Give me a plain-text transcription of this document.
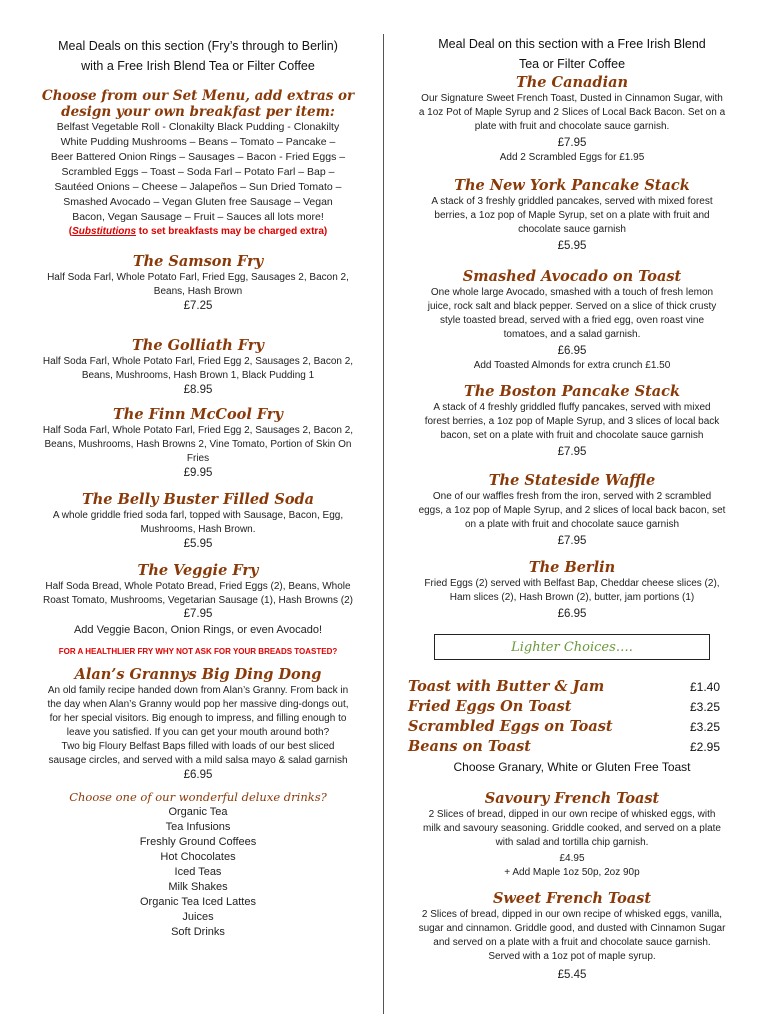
Meal Deals on this section (Fry’s through to Berlin)
with a Free Irish Blend Tea or Filter Coffee
Choose from our Set Menu, add extras or
design your own breakfast per item:
Belfast Vegetable Roll - Clonakilty Black Pudding - Clonakilty
White Pudding Mushrooms – Beans – Tomato – Pancake –
Beer Battered Onion Rings – Sausages – Bacon - Fried Eggs –
Scrambled Eggs – Toast – Soda Farl – Potato Farl – Bap –
Sautéed Onions – Cheese – Jalapeños – Sun Dried Tomato –
Smashed Avocado – Vegan Gluten free Sausage – Vegan
Bacon, Vegan Sausage – Fruit – Sauces all lots more!
(Substitutions to set breakfasts may be charged extra)
The Samson Fry
Half Soda Farl, Whole Potato Farl, Fried Egg, Sausages 2, Bacon 2,
Beans, Hash Brown
£7.25
The Golliath Fry
Half Soda Farl, Whole Potato Farl, Fried Egg 2, Sausages 2, Bacon 2,
Beans, Mushrooms, Hash Brown 1, Black Pudding 1
£8.95
The Finn McCool Fry
Half Soda Farl, Whole Potato Farl, Fried Egg 2, Sausages 2, Bacon 2,
Beans, Mushrooms, Hash Browns 2, Vine Tomato, Portion of Skin On
Fries
£9.95
The Belly Buster Filled Soda
A whole griddle fried soda farl, topped with Sausage, Bacon, Egg,
Mushrooms, Hash Brown.
£5.95
The Veggie Fry
Half Soda Bread, Whole Potato Bread, Fried Eggs (2), Beans, Whole
Roast Tomato, Mushrooms, Vegetarian Sausage (1), Hash Browns (2)
£7.95
Add Veggie Bacon, Onion Rings, or even Avocado!
FOR A HEALTHLIER FRY WHY NOT ASK FOR YOUR BREADS TOASTED?
Alan’s Grannys Big Ding Dong
An old family recipe handed down from Alan’s Granny. From back in
the day when Alan’s Granny would pop her massive ding-dongs out,
for her special visitors. Big enough to impress, and filling enough to
leave you satisfied. If you can get your mouth around both?
Two big Floury Belfast Baps filled with loads of our best sliced
sausage circles, and served with a mild salsa mayo & salad garnish
£6.95
Choose one of our wonderful deluxe drinks?
Organic Tea
Tea Infusions
Freshly Ground Coffees
Hot Chocolates
Iced Teas
Milk Shakes
Organic Tea Iced Lattes
Juices
Soft Drinks
Meal Deal on this section with a Free Irish Blend
Tea or Filter Coffee
The Canadian
Our Signature Sweet French Toast, Dusted in Cinnamon Sugar, with
a 1oz Pot of Maple Syrup and 2 Slices of Local Back Bacon. Set on a
plate with fruit and chocolate sauce garnish.
£7.95
Add 2 Scrambled Eggs for £1.95
The New York Pancake Stack
A stack of 3 freshly griddled pancakes, served with mixed forest
berries, a 1oz pop of Maple Syrup, set on a plate with fruit and
chocolate sauce garnish
£5.95
Smashed Avocado on Toast
One whole large Avocado, smashed with a touch of fresh lemon
juice, rock salt and black pepper. Served on a slice of thick crusty
style toasted bread, served with a fried egg, oven roast vine
tomatoes, and a salad garnish.
£6.95
Add Toasted Almonds for extra crunch £1.50
The Boston Pancake Stack
A stack of 4 freshly griddled fluffy pancakes, served with mixed
forest berries, a 1oz pop of Maple Syrup, and 3 slices of local back
bacon, set on a plate with fruit and chocolate sauce garnish
£7.95
The Stateside Waffle
One of our waffles fresh from the iron, served with 2 scrambled
eggs, a 1oz pop of Maple Syrup, and 2 slices of local back bacon, set
on a plate with fruit and chocolate sauce garnish
£7.95
The Berlin
Fried Eggs (2) served with Belfast Bap, Cheddar cheese slices (2),
Ham slices (2), Hash Brown (2), butter, jam portions (1)
£6.95
Lighter Choices….
Toast with Butter & Jam	£1.40
Fried Eggs On Toast	£3.25
Scrambled Eggs on Toast	£3.25
Beans on Toast	£2.95
Choose Granary, White or Gluten Free Toast
Savoury French Toast
2 Slices of bread, dipped in our own recipe of whisked eggs, with
milk and savoury seasoning. Griddle cooked, and served on a plate
with salad and tortilla chip garnish.
£4.95
+ Add Maple 1oz 50p, 2oz 90p
Sweet French Toast
2 Slices of bread, dipped in our own recipe of whisked eggs, vanilla,
sugar and cinnamon. Griddle good, and dusted with Cinnamon Sugar
and served on a plate with a fruit and chocolate sauce garnish.
Served with a 1oz pot of maple syrup.
£5.45
